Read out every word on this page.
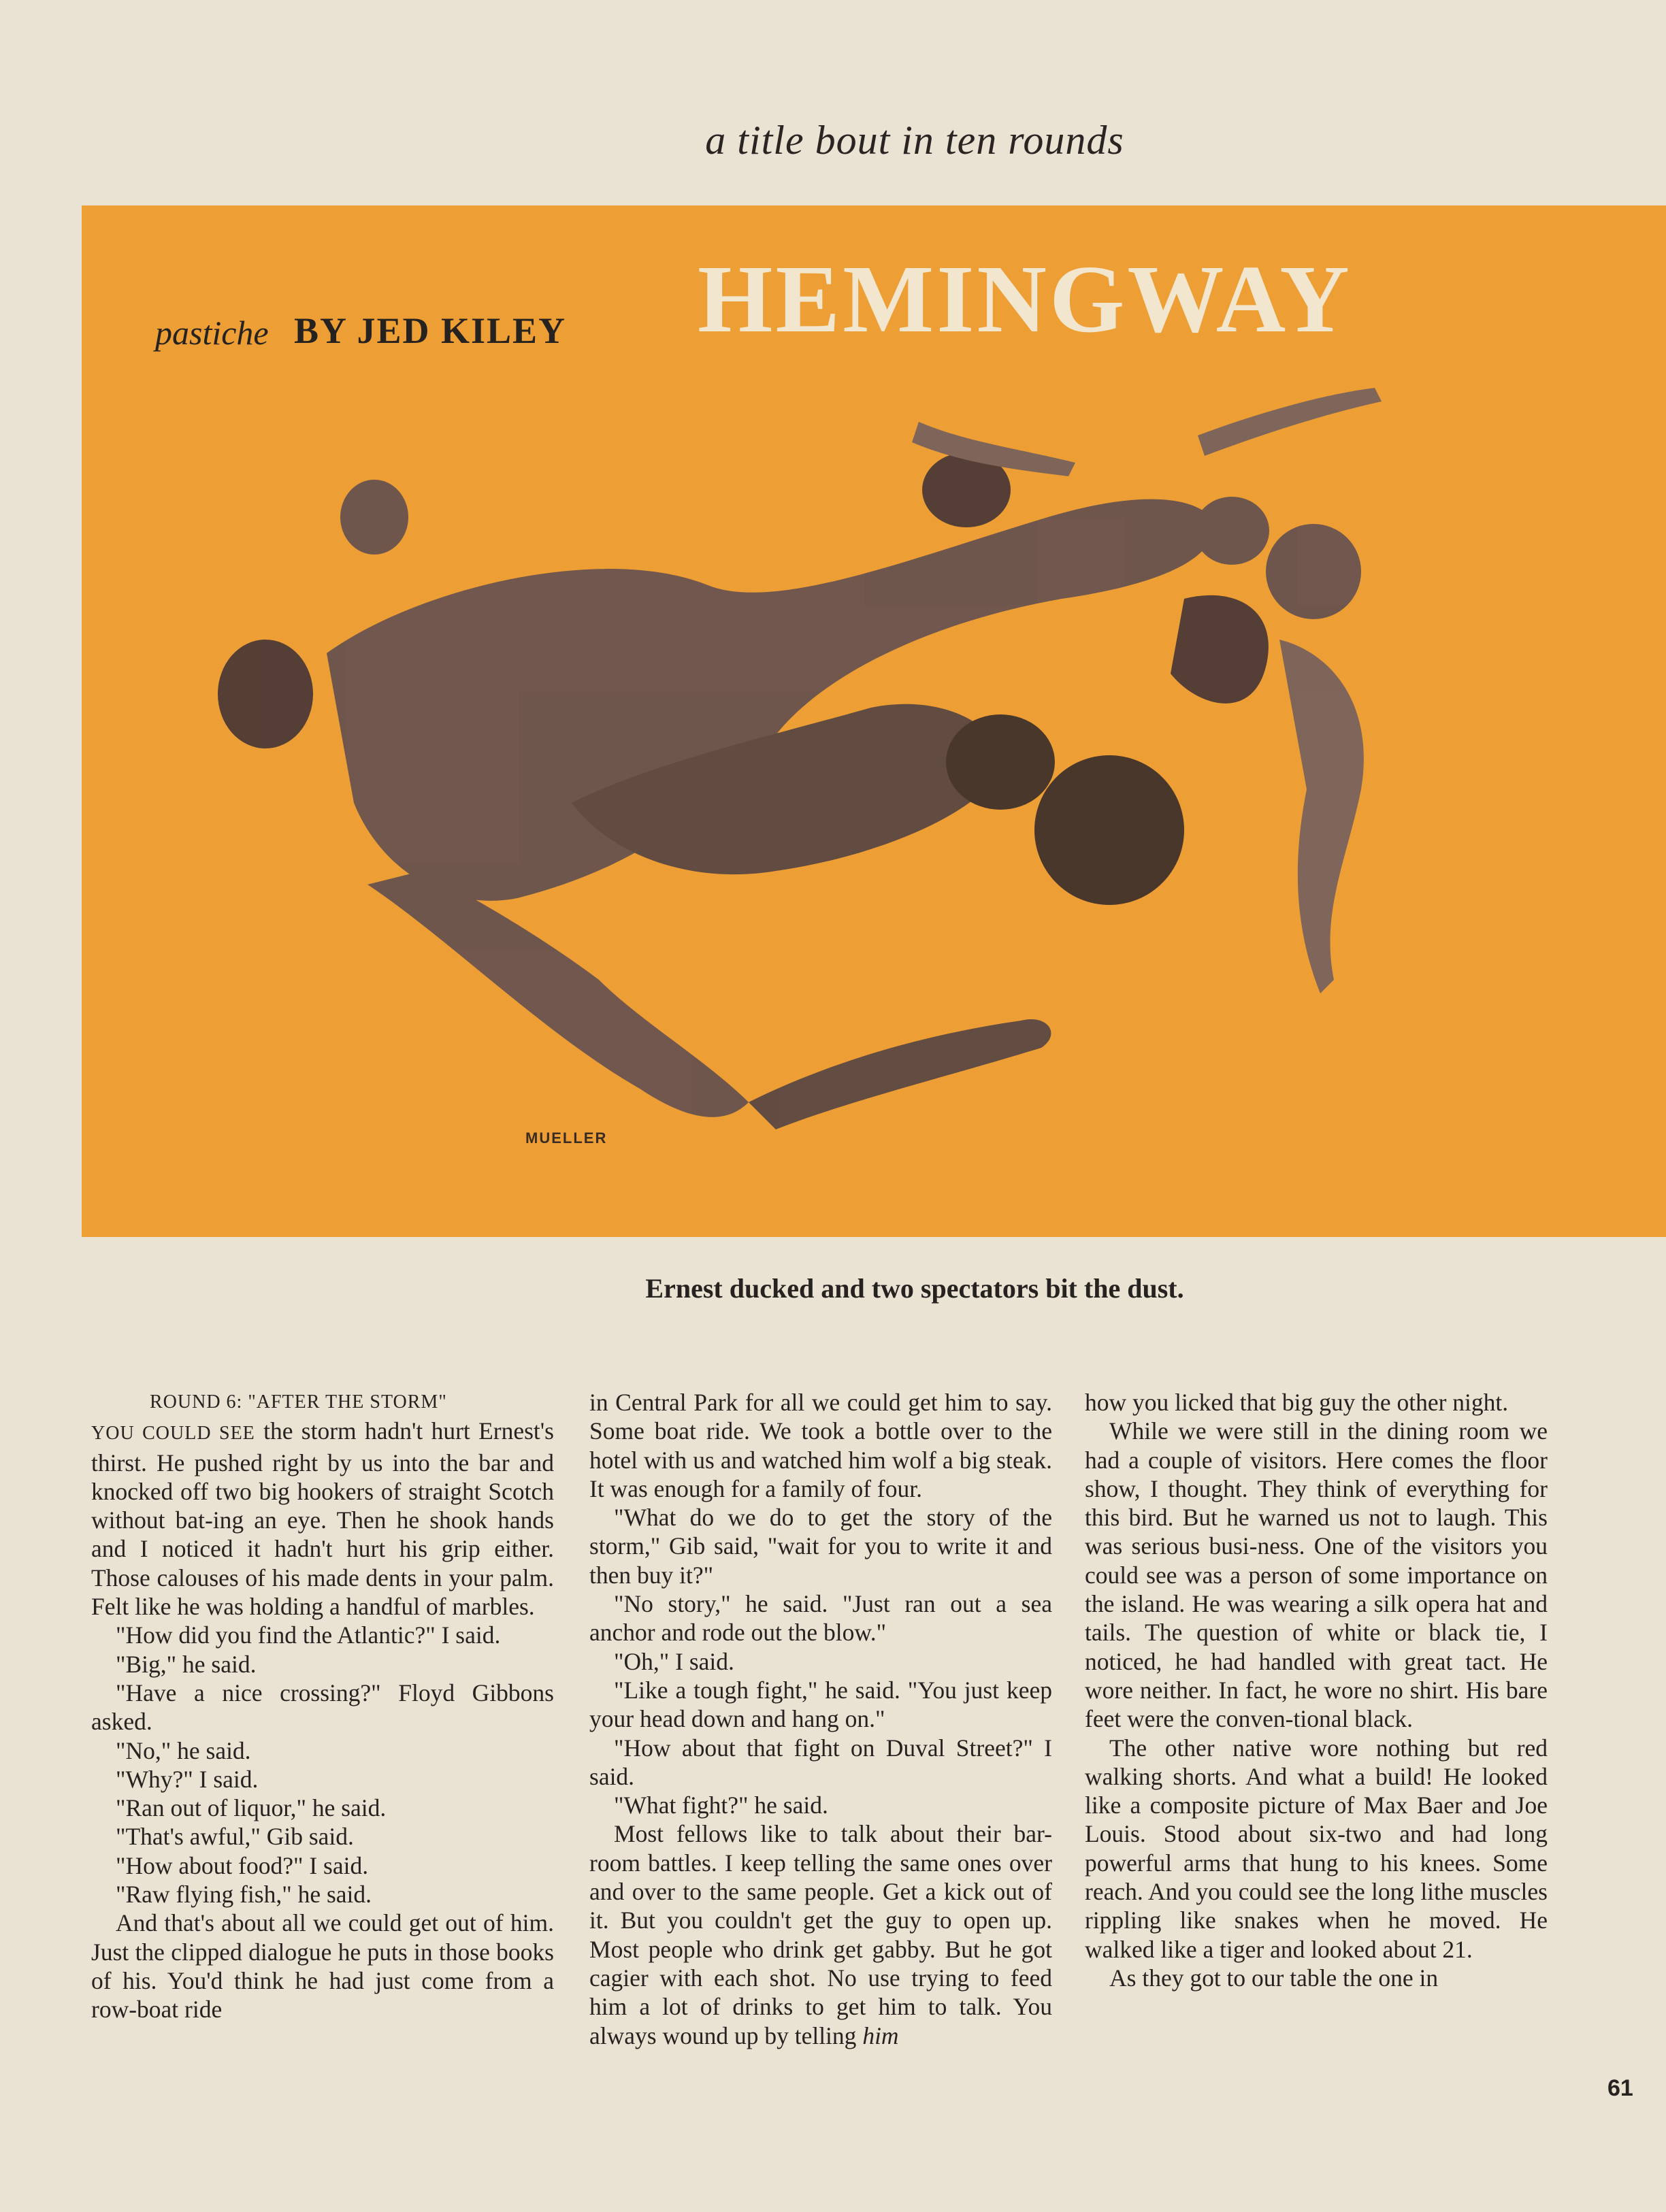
a title bout in ten rounds
pastiche BY JED KILEY HEMINGWAY
MUELLER
Ernest ducked and two spectators bit the dust.
ROUND 6: "AFTER THE STORM"

YOU COULD SEE the storm hadn't hurt Ernest's thirst. He pushed right by us into the bar and knocked off two big hookers of straight Scotch without bat-ing an eye. Then he shook hands and I noticed it hadn't hurt his grip either. Those calouses of his made dents in your palm. Felt like he was holding a handful of marbles.

"How did you find the Atlantic?" I said.

"Big," he said.

"Have a nice crossing?" Floyd Gibbons asked.

"No," he said.

"Why?" I said.

"Ran out of liquor," he said.

"That's awful," Gib said.

"How about food?" I said.

"Raw flying fish," he said.

And that's about all we could get out of him. Just the clipped dialogue he puts in those books of his. You'd think he had just come from a row-boat ride

in Central Park for all we could get him to say. Some boat ride. We took a bottle over to the hotel with us and watched him wolf a big steak. It was enough for a family of four.

"What do we do to get the story of the storm," Gib said, "wait for you to write it and then buy it?"

"No story," he said. "Just ran out a sea anchor and rode out the blow."

"Oh," I said.

"Like a tough fight," he said. "You just keep your head down and hang on."

"How about that fight on Duval Street?" I said.

"What fight?" he said.

Most fellows like to talk about their bar-room battles. I keep telling the same ones over and over to the same people. Get a kick out of it. But you couldn't get the guy to open up. Most people who drink get gabby. But he got cagier with each shot. No use trying to feed him a lot of drinks to get him to talk. You always wound up by telling him

how you licked that big guy the other night.

While we were still in the dining room we had a couple of visitors. Here comes the floor show, I thought. They think of everything for this bird. But he warned us not to laugh. This was serious busi-ness. One of the visitors you could see was a person of some importance on the island. He was wearing a silk opera hat and tails. The question of white or black tie, I noticed, he had handled with great tact. He wore neither. In fact, he wore no shirt. His bare feet were the conven-tional black.

The other native wore nothing but red walking shorts. And what a build! He looked like a composite picture of Max Baer and Joe Louis. Stood about six-two and had long powerful arms that hung to his knees. Some reach. And you could see the long lithe muscles rippling like snakes when he moved. He walked like a tiger and looked about 21.

As they got to our table the one in

61
